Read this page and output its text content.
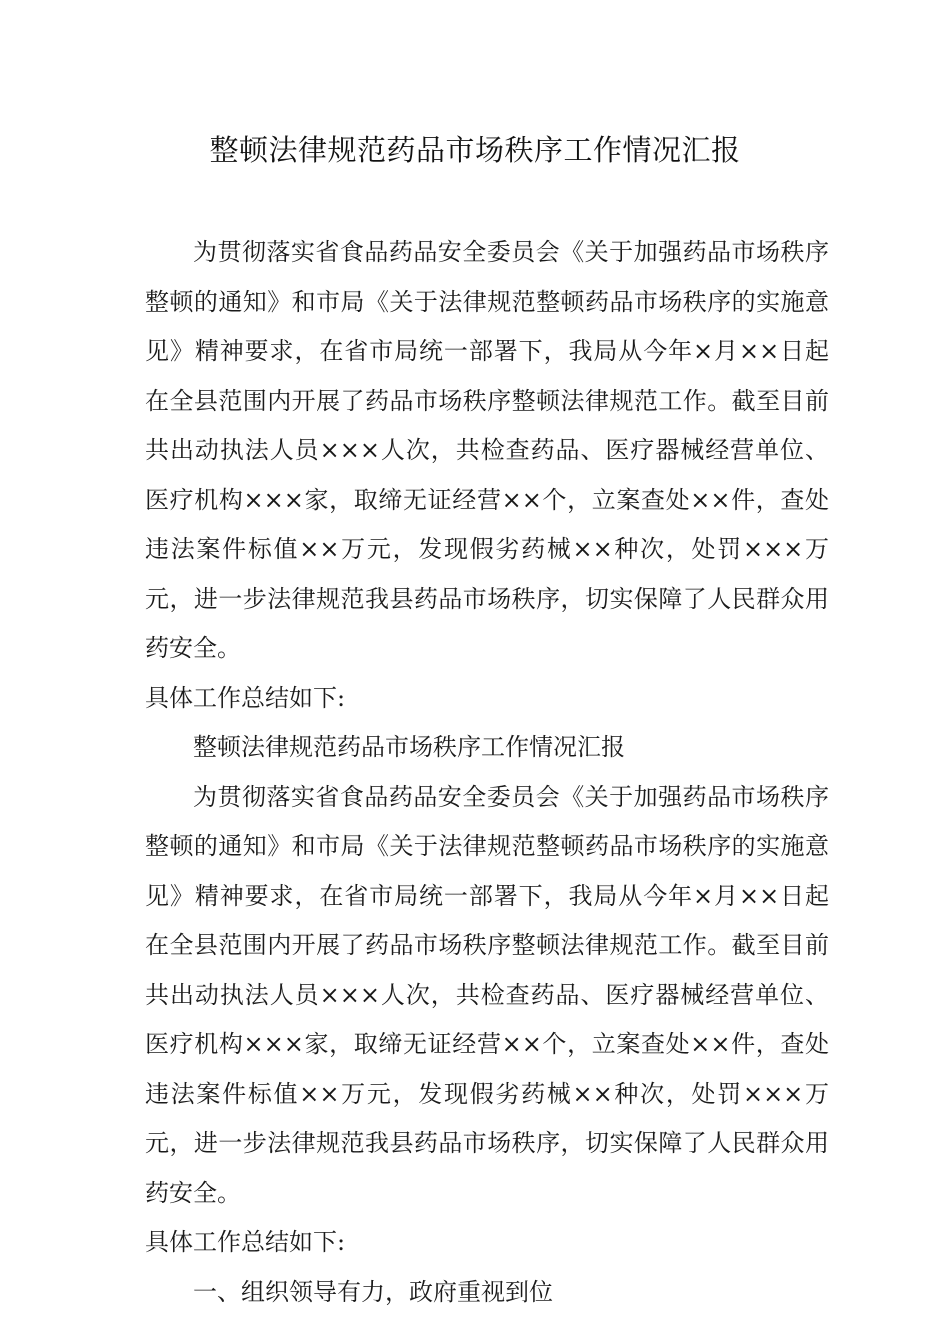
整顿法律规范药品市场秩序工作情况汇报

为贯彻落实省食品药品安全委员会《关于加强药品市场秩序整顿的通知》和市局《关于法律规范整顿药品市场秩序的实施意见》精神要求，在省市局统一部署下，我局从今年×月××日起在全县范围内开展了药品市场秩序整顿法律规范工作。截至目前共出动执法人员×××人次，共检查药品、医疗器械经营单位、医疗机构×××家，取缔无证经营××个，立案查处××件，查处违法案件标值××万元，发现假劣药械××种次，处罚×××万元，进一步法律规范我县药品市场秩序，切实保障了人民群众用药安全。

具体工作总结如下:

整顿法律规范药品市场秩序工作情况汇报

为贯彻落实省食品药品安全委员会《关于加强药品市场秩序整顿的通知》和市局《关于法律规范整顿药品市场秩序的实施意见》精神要求，在省市局统一部署下，我局从今年×月××日起在全县范围内开展了药品市场秩序整顿法律规范工作。截至目前共出动执法人员×××人次，共检查药品、医疗器械经营单位、医疗机构×××家，取缔无证经营××个，立案查处××件，查处违法案件标值××万元，发现假劣药械××种次，处罚×××万元，进一步法律规范我县药品市场秩序，切实保障了人民群众用药安全。

具体工作总结如下:

一、组织领导有力，政府重视到位
